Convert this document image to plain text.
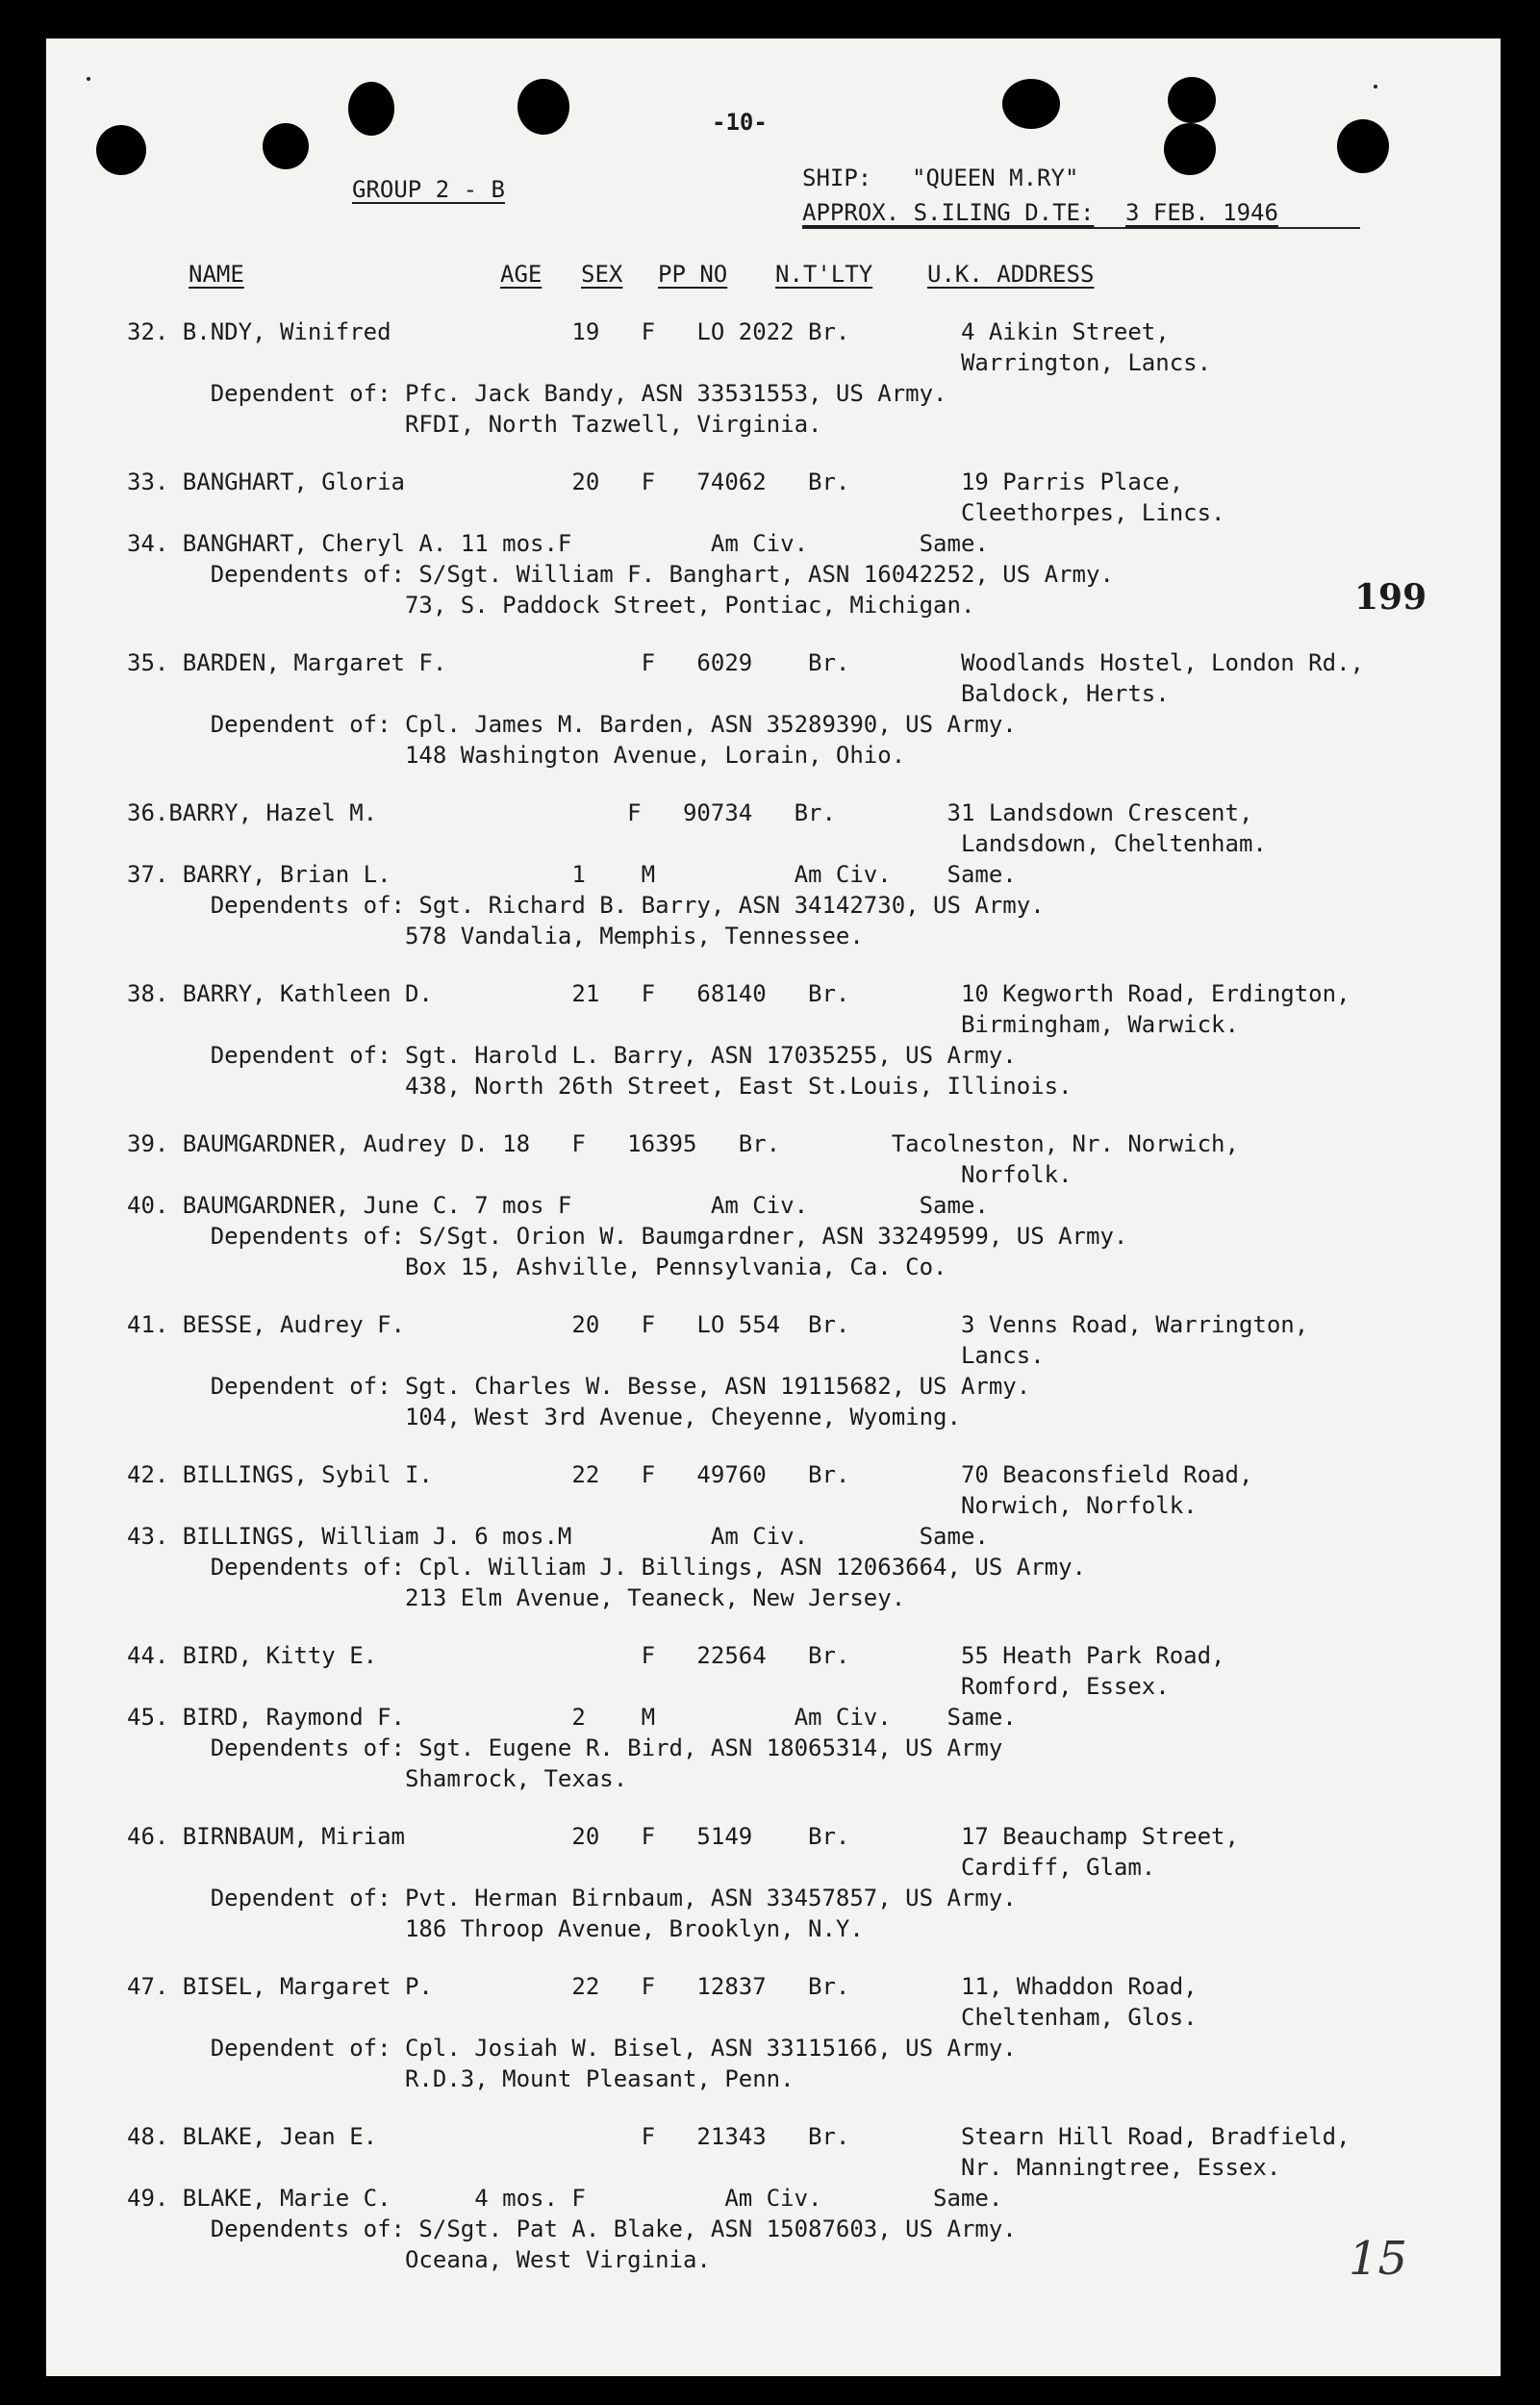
-10-
GROUP 2 - B	SHIP: "QUEEN M.RY"
APPROX. S.ILING D.TE: 3 FEB. 1946
NAME	AGE SEX PP NO N.T'LTY U.K. ADDRESS
32. B.NDY, Winifred             19   F   LO 2022 Br.        4 Aikin Street,
Warrington, Lancs.
Dependent of: Pfc. Jack Bandy, ASN 33531553, US Army.
RFDI, North Tazwell, Virginia.
33. BANGHART, Gloria            20   F   74062   Br.        19 Parris Place,
Cleethorpes, Lincs.
34. BANGHART, Cheryl A. 11 mos.F          Am Civ.        Same.
Dependents of: S/Sgt. William F. Banghart, ASN 16042252, US Army.
73, S. Paddock Street, Pontiac, Michigan.
35. BARDEN, Margaret F.              F   6029    Br.        Woodlands Hostel, London Rd.,
Baldock, Herts.
Dependent of: Cpl. James M. Barden, ASN 35289390, US Army.
148 Washington Avenue, Lorain, Ohio.
36.BARRY, Hazel M.                  F   90734   Br.        31 Landsdown Crescent,
Landsdown, Cheltenham.
37. BARRY, Brian L.             1    M          Am Civ.    Same.
Dependents of: Sgt. Richard B. Barry, ASN 34142730, US Army.
578 Vandalia, Memphis, Tennessee.
38. BARRY, Kathleen D.          21   F   68140   Br.        10 Kegworth Road, Erdington,
Birmingham, Warwick.
Dependent of: Sgt. Harold L. Barry, ASN 17035255, US Army.
438, North 26th Street, East St.Louis, Illinois.
39. BAUMGARDNER, Audrey D. 18   F   16395   Br.        Tacolneston, Nr. Norwich,
Norfolk.
40. BAUMGARDNER, June C. 7 mos F          Am Civ.        Same.
Dependents of: S/Sgt. Orion W. Baumgardner, ASN 33249599, US Army.
Box 15, Ashville, Pennsylvania, Ca. Co.
41. BESSE, Audrey F.            20   F   LO 554  Br.        3 Venns Road, Warrington,
Lancs.
Dependent of: Sgt. Charles W. Besse, ASN 19115682, US Army.
104, West 3rd Avenue, Cheyenne, Wyoming.
42. BILLINGS, Sybil I.          22   F   49760   Br.        70 Beaconsfield Road,
Norwich, Norfolk.
43. BILLINGS, William J. 6 mos.M          Am Civ.        Same.
Dependents of: Cpl. William J. Billings, ASN 12063664, US Army.
213 Elm Avenue, Teaneck, New Jersey.
44. BIRD, Kitty E.                   F   22564   Br.        55 Heath Park Road,
Romford, Essex.
45. BIRD, Raymond F.            2    M          Am Civ.    Same.
Dependents of: Sgt. Eugene R. Bird, ASN 18065314, US Army
Shamrock, Texas.
46. BIRNBAUM, Miriam            20   F   5149    Br.        17 Beauchamp Street,
Cardiff, Glam.
Dependent of: Pvt. Herman Birnbaum, ASN 33457857, US Army.
186 Throop Avenue, Brooklyn, N.Y.
47. BISEL, Margaret P.          22   F   12837   Br.        11, Whaddon Road,
Cheltenham, Glos.
Dependent of: Cpl. Josiah W. Bisel, ASN 33115166, US Army.
R.D.3, Mount Pleasant, Penn.
48. BLAKE, Jean E.                   F   21343   Br.        Stearn Hill Road, Bradfield,
Nr. Manningtree, Essex.
49. BLAKE, Marie C.      4 mos. F          Am Civ.        Same.
Dependents of: S/Sgt. Pat A. Blake, ASN 15087603, US Army.
Oceana, West Virginia.
199
15
